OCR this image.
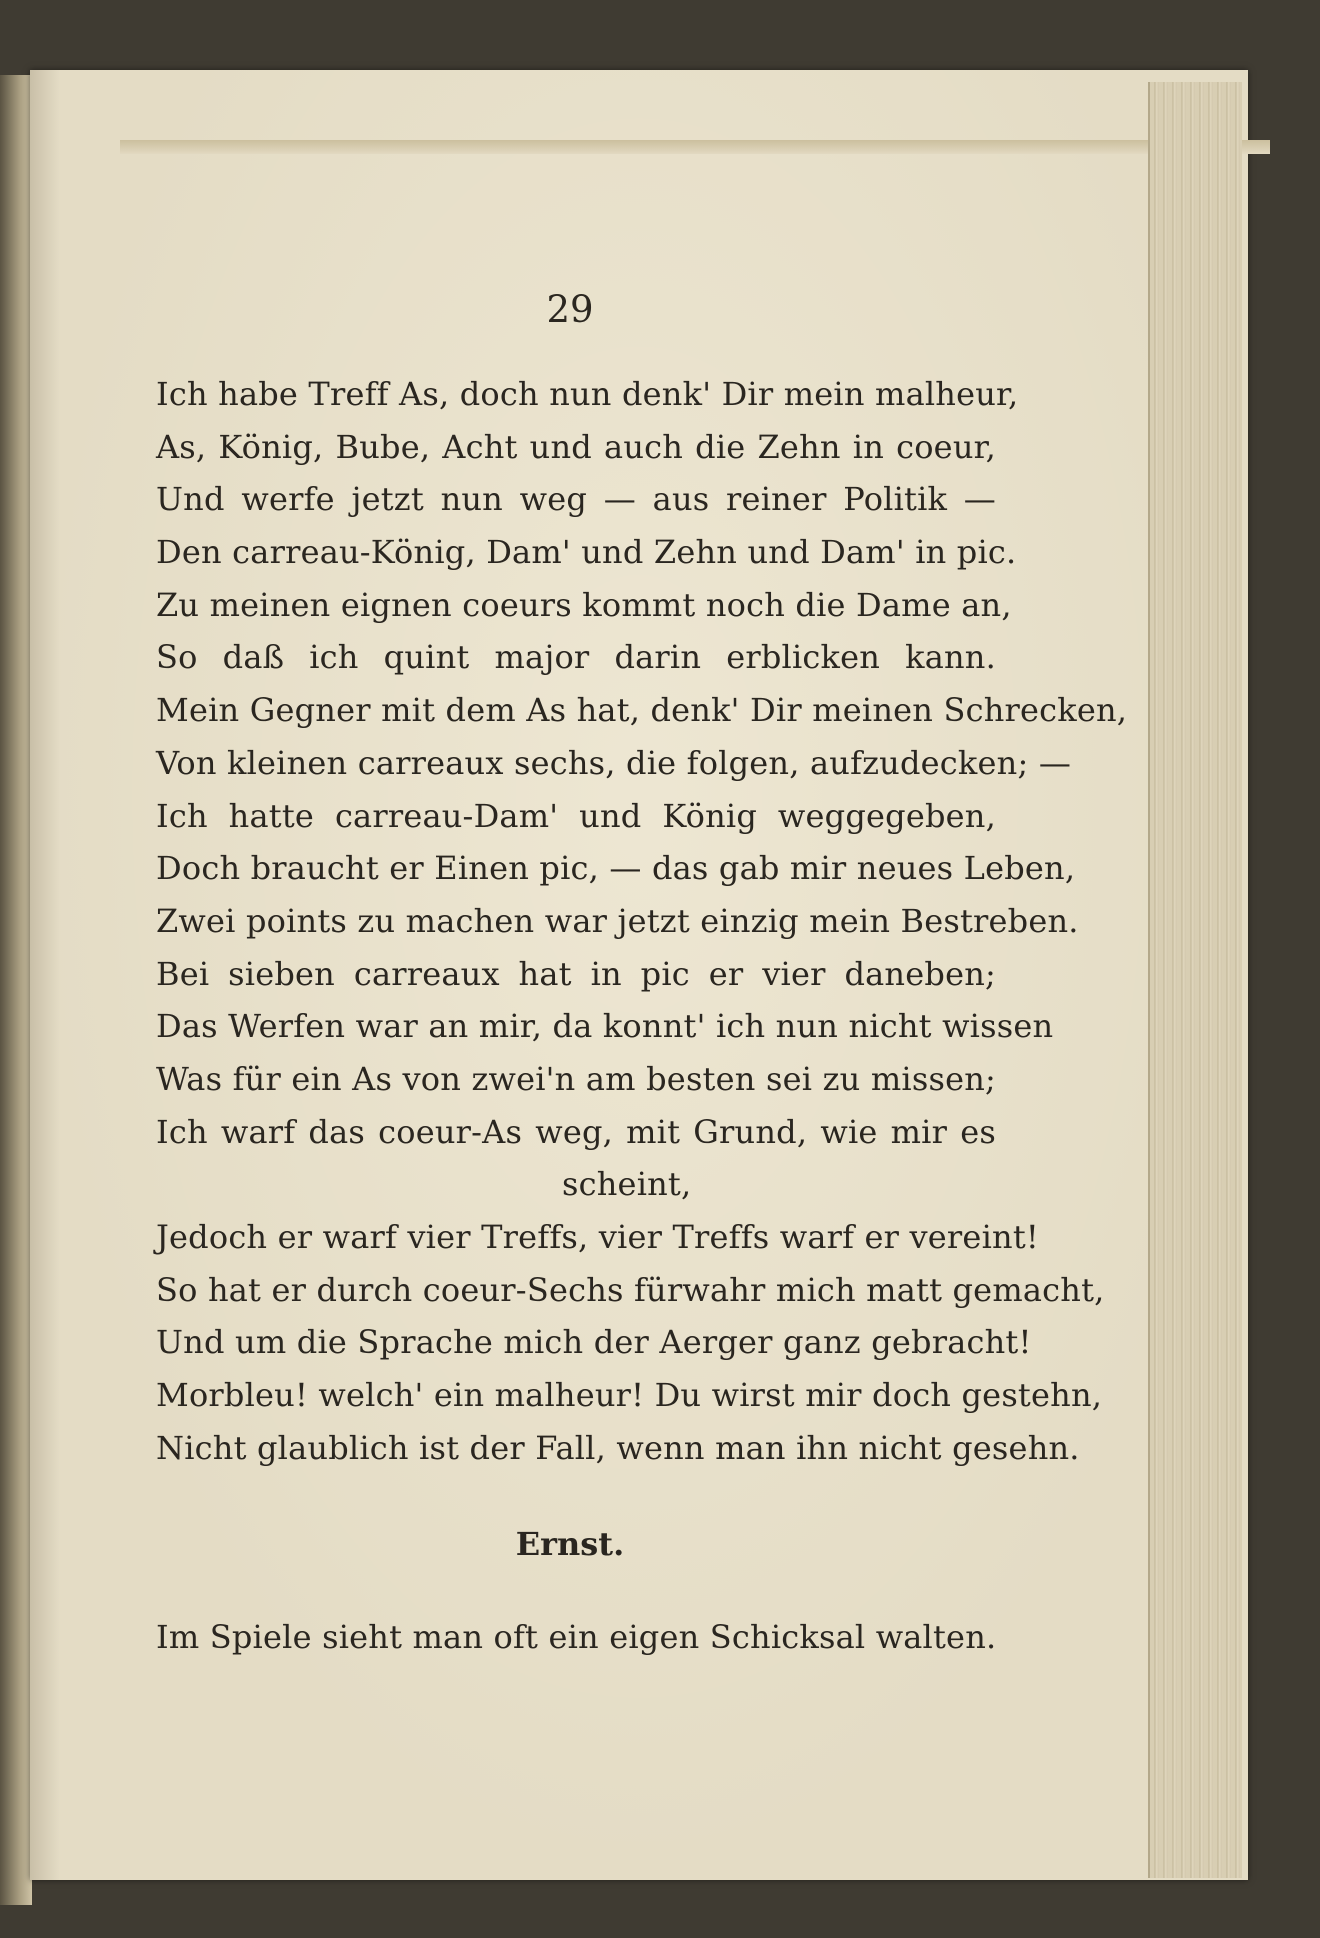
29
Ich habe Treff As, doch nun denk' Dir mein malheur,
As, König, Bube, Acht und auch die Zehn in coeur,
Und werfe jetzt nun weg — aus reiner Politik —
Den carreau-König, Dam' und Zehn und Dam' in pic.
Zu meinen eignen coeurs kommt noch die Dame an,
So daß ich quint major darin erblicken kann.
Mein Gegner mit dem As hat, denk' Dir meinen Schrecken,
Von kleinen carreaux sechs, die folgen, aufzudecken; —
Ich hatte carreau-Dam' und König weggegeben,
Doch braucht er Einen pic, — das gab mir neues Leben,
Zwei points zu machen war jetzt einzig mein Bestreben.
Bei sieben carreaux hat in pic er vier daneben;
Das Werfen war an mir, da konnt' ich nun nicht wissen
Was für ein As von zwei'n am besten sei zu missen;
Ich warf das coeur-As weg, mit Grund, wie mir es
scheint,
Jedoch er warf vier Treffs, vier Treffs warf er vereint!
So hat er durch coeur-Sechs fürwahr mich matt gemacht,
Und um die Sprache mich der Aerger ganz gebracht!
Morbleu! welch' ein malheur! Du wirst mir doch gestehn,
Nicht glaublich ist der Fall, wenn man ihn nicht gesehn.
Ernst.
Im Spiele sieht man oft ein eigen Schicksal walten.
